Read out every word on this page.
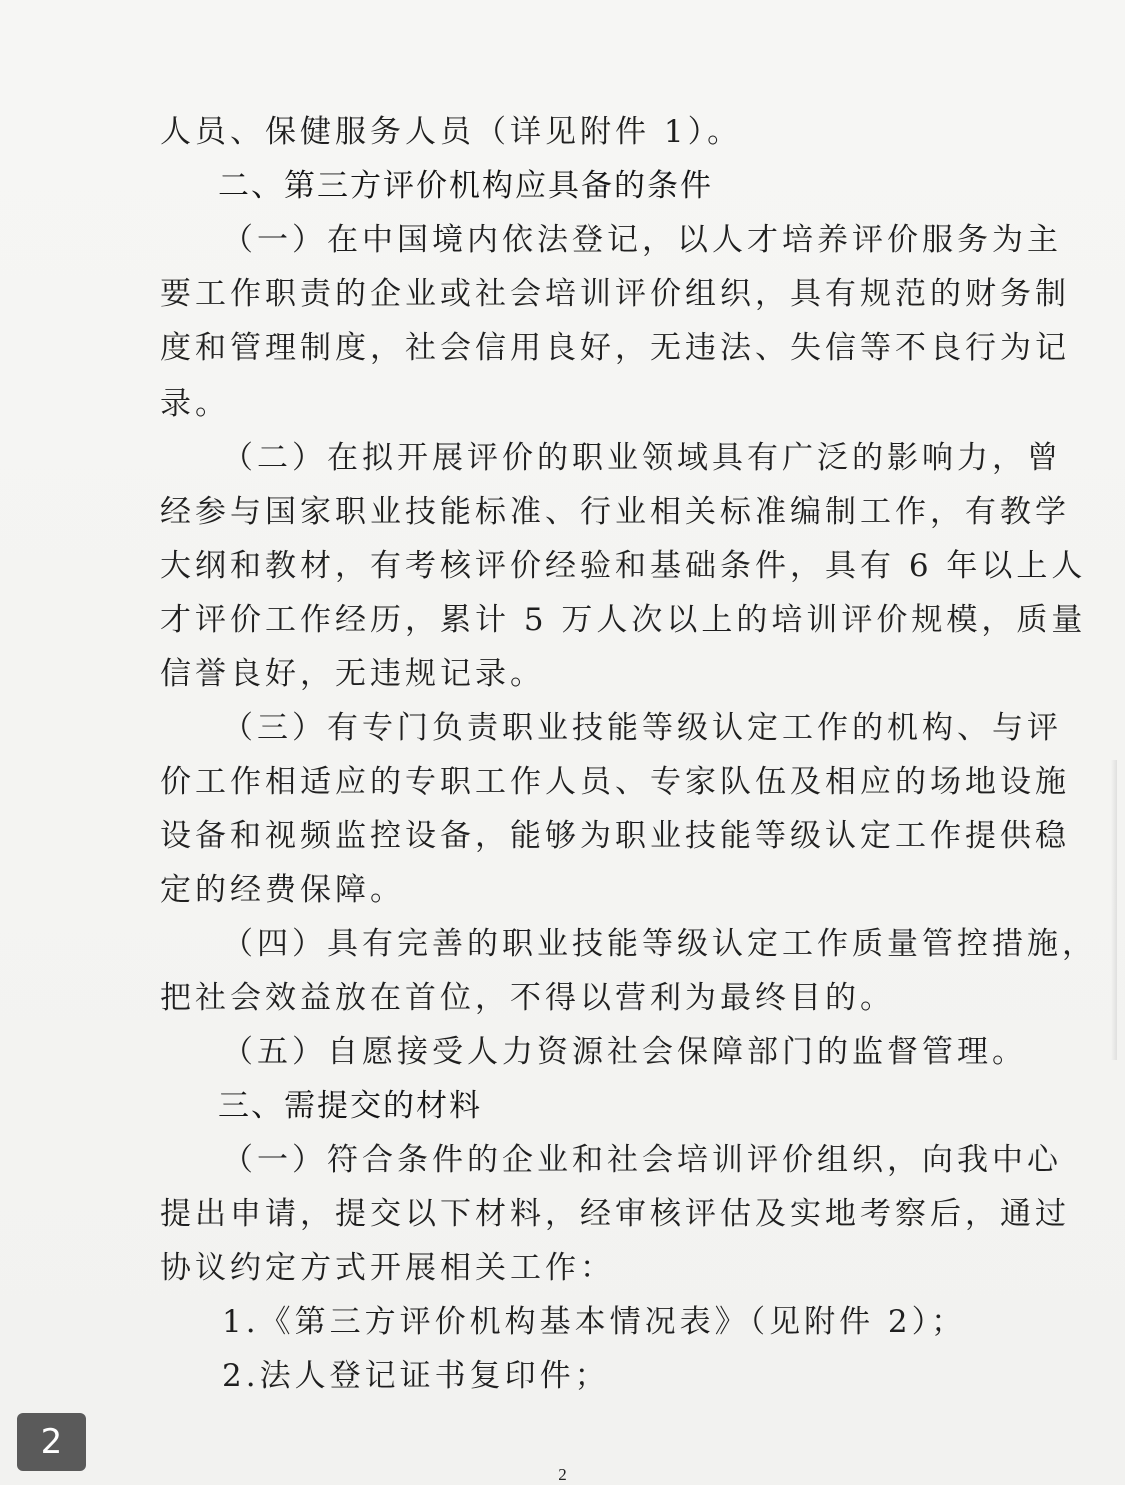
人员、保健服务人员（详见附件 1）。
二、第三方评价机构应具备的条件
（一）在中国境内依法登记，以人才培养评价服务为主
要工作职责的企业或社会培训评价组织，具有规范的财务制
度和管理制度，社会信用良好，无违法、失信等不良行为记
录。
（二）在拟开展评价的职业领域具有广泛的影响力，曾
经参与国家职业技能标准、行业相关标准编制工作，有教学
大纲和教材，有考核评价经验和基础条件，具有 6 年以上人
才评价工作经历，累计 5 万人次以上的培训评价规模，质量
信誉良好，无违规记录。
（三）有专门负责职业技能等级认定工作的机构、与评
价工作相适应的专职工作人员、专家队伍及相应的场地设施
设备和视频监控设备，能够为职业技能等级认定工作提供稳
定的经费保障。
（四）具有完善的职业技能等级认定工作质量管控措施，
把社会效益放在首位，不得以营利为最终目的。
（五）自愿接受人力资源社会保障部门的监督管理。
三、需提交的材料
（一）符合条件的企业和社会培训评价组织，向我中心
提出申请，提交以下材料，经审核评估及实地考察后，通过
协议约定方式开展相关工作：
1.《第三方评价机构基本情况表》（见附件 2）；
2.法人登记证书复印件；
2
2
